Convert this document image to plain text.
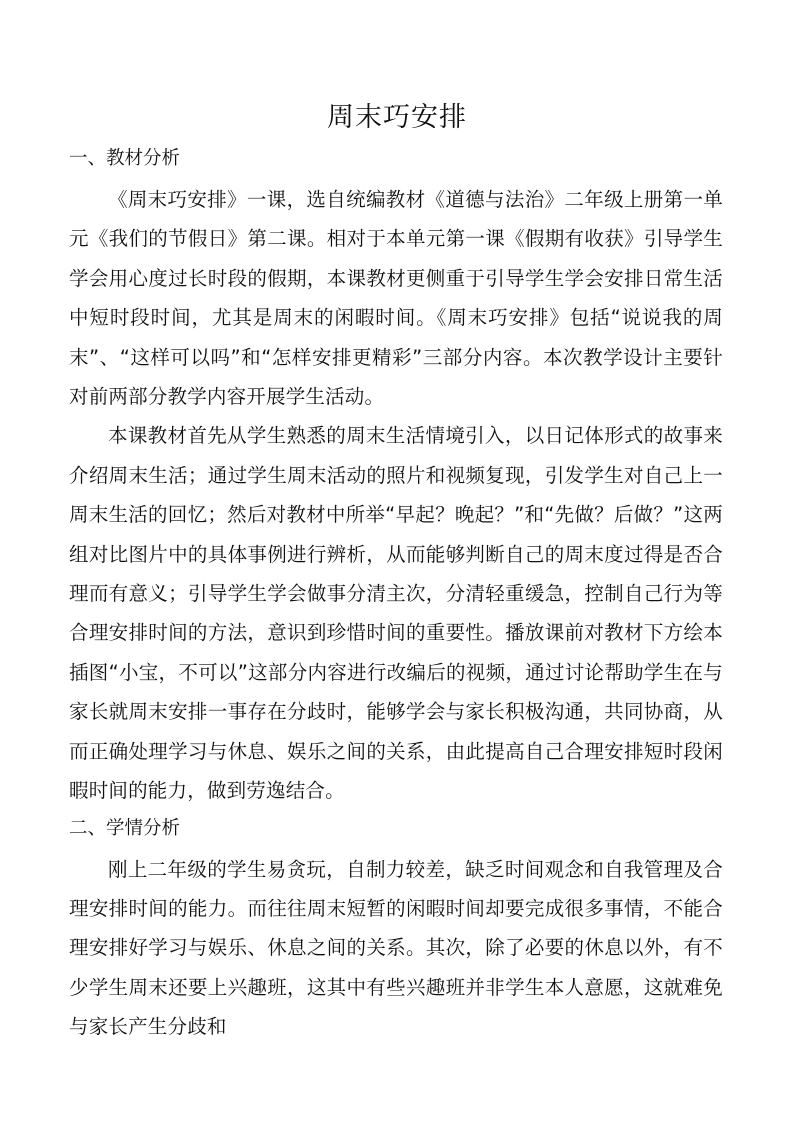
周末巧安排
一、教材分析

《周末巧安排》一课，选自统编教材《道德与法治》二年级上册第一单元《我们的节假日》第二课。相对于本单元第一课《假期有收获》引导学生学会用心度过长时段的假期，本课教材更侧重于引导学生学会安排日常生活中短时段时间，尤其是周末的闲暇时间。《周末巧安排》包括“说说我的周末”、“这样可以吗”和“怎样安排更精彩”三部分内容。本次教学设计主要针对前两部分教学内容开展学生活动。

本课教材首先从学生熟悉的周末生活情境引入，以日记体形式的故事来介绍周末生活；通过学生周末活动的照片和视频复现，引发学生对自己上一周末生活的回忆；然后对教材中所举“早起？晚起？”和“先做？后做？”这两组对比图片中的具体事例进行辨析，从而能够判断自己的周末度过得是否合理而有意义；引导学生学会做事分清主次，分清轻重缓急，控制自己行为等合理安排时间的方法，意识到珍惜时间的重要性。播放课前对教材下方绘本插图“小宝，不可以”这部分内容进行改编后的视频，通过讨论帮助学生在与家长就周末安排一事存在分歧时，能够学会与家长积极沟通，共同协商，从而正确处理学习与休息、娱乐之间的关系，由此提高自己合理安排短时段闲暇时间的能力，做到劳逸结合。

二、学情分析

刚上二年级的学生易贪玩，自制力较差，缺乏时间观念和自我管理及合理安排时间的能力。而往往周末短暂的闲暇时间却要完成很多事情，不能合理安排好学习与娱乐、休息之间的关系。其次，除了必要的休息以外，有不少学生周末还要上兴趣班，这其中有些兴趣班并非学生本人意愿，这就难免与家长产生分歧和
